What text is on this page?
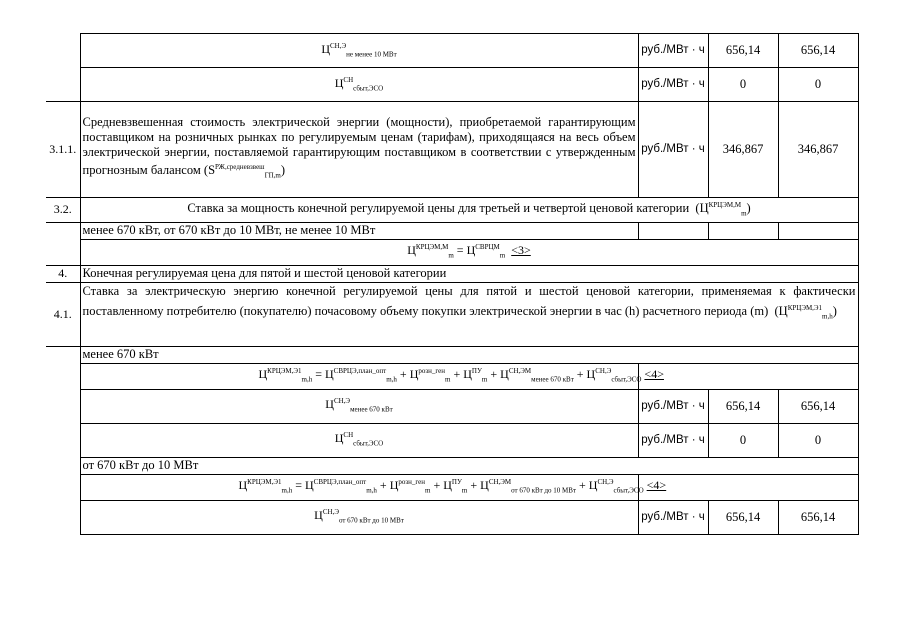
	$Ц^{СН,Э}_{не менее 10 МВт}$	руб./МВт · ч	656,14	656,14
	$Ц^{СН}_{сбыт,ЭСО}$	руб./МВт · ч	0	0
3.1.1.	Средневзвешенная стоимость электрической энергии (мощности), приобретаемой гарантирующим поставщиком на розничных рынках по регулируемым ценам (тарифам), приходящаяся на весь объем электрической энергии, поставляемой гарантирующим поставщиком в соответствии с утвержденным прогнозным балансом $(S^{РЖ,средневзвеш}_{ГП,m})$	руб./МВт · ч	346,867	346,867
3.2.	Ставка за мощность конечной регулируемой цены для третьей и четвертой ценовой категории $(Ц^{КРЦЭМ,М}_m)$			
	менее 670 кВт, от 670 кВт до 10 МВт, не менее 10 МВт			
	$Ц^{КРЦЭМ,М}_m = Ц^{СВРЦМ}_m <3>$			
4.	Конечная регулируемая цена для пятой и шестой ценовой категории			
4.1.	Ставка за электрическую энергию конечной регулируемой цены для пятой и шестой ценовой категории, применяемая к фактически поставленному потребителю (покупателю) почасовому объему покупки электрической энергии в час (h) расчетного периода (m) $(Ц^{КРЦЭМ,Э1}_{m,h})$			
	менее 670 кВт			
		$Ц^{КРЦЭМ,Э1}_{m,h} = Ц^{СВРЦЭ,план\_опт}_{m,h} + Ц^{розн\_ген}_m + Ц^{ПУ}_m + Ц^{СН,ЭМ}_{менее 670 кВт} + Ц^{СН,Э}_{сбыт,ЭСО} <4>$		
	$Ц^{СН,Э}_{менее 670 кВт}$	руб./МВт · ч	656,14	656,14
	$Ц^{СН}_{сбыт,ЭСО}$	руб./МВт · ч	0	0
	от 670 кВт до 10 МВт			
		$Ц^{КРЦЭМ,Э1}_{m,h} = Ц^{СВРЦЭ,план\_опт}_{m,h} + Ц^{розн\_ген}_m + Ц^{ПУ}_m + Ц^{СН,ЭМ}_{от 670 кВт до 10 МВт} + Ц^{СН,Э}_{сбыт,ЭСО} <4>$		
	$Ц^{СН,Э}_{от 670 кВт до 10 МВт}$	руб./МВт · ч	656,14	656,14
